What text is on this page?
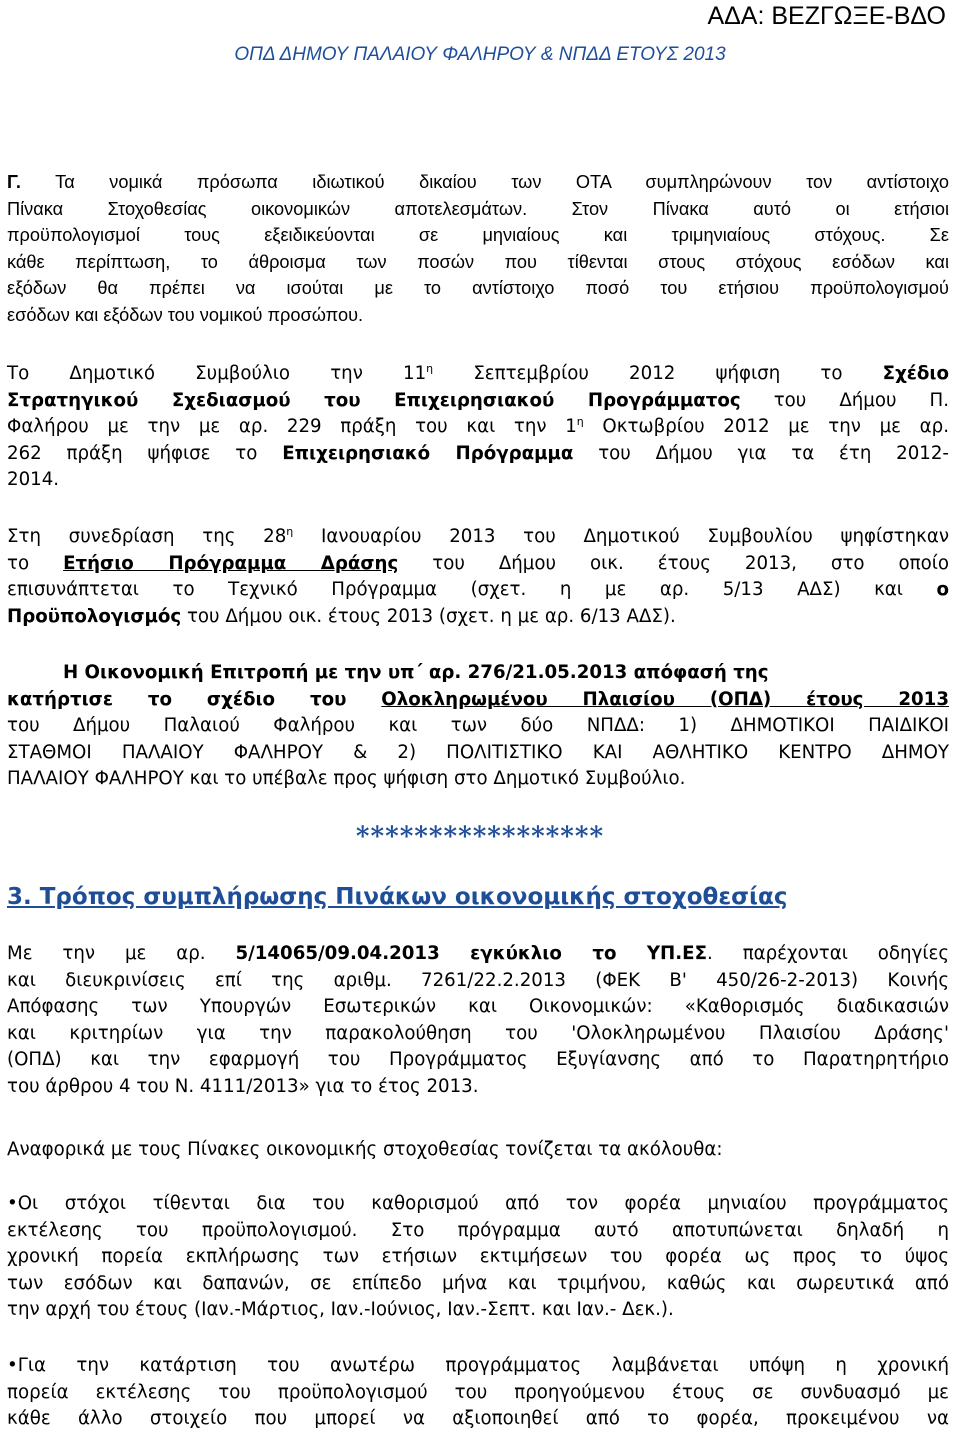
ΑΔΑ: ΒΕΖΓΩΞΕ-ΒΔΟ
ΟΠΔ ΔΗΜΟΥ ΠΑΛΑΙΟΥ ΦΑΛΗΡΟΥ & ΝΠΔΔ ΕΤΟΥΣ 2013
Γ. Τα νομικά πρόσωπα ιδιωτικού δικαίου των ΟΤΑ συμπληρώνουν τον αντίστοιχο
Πίνακα Στοχοθεσίας οικονομικών αποτελεσμάτων. Στον Πίνακα αυτό οι ετήσιοι
προϋπολογισμοί τους εξειδικεύονται σε μηνιαίους και τριμηνιαίους στόχους. Σε
κάθε περίπτωση, το άθροισμα των ποσών που τίθενται στους στόχους εσόδων και
εξόδων θα πρέπει να ισούται με το αντίστοιχο ποσό του ετήσιου προϋπολογισμού
εσόδων και εξόδων του νομικού προσώπου.
Το Δημοτικό Συμβούλιο την $11^\eta$ Σεπτεμβρίου 2012 ψήφιση το Σχέδιο
Στρατηγικού Σχεδιασμού του Επιχειρησιακού Προγράμματος του Δήμου Π.
Φαλήρου με την με αρ. 229 πράξη του και την $1^\eta$ Οκτωβρίου 2012 με την με αρ.
262 πράξη ψήφισε το Επιχειρησιακό Πρόγραμμα του Δήμου για τα έτη 2012-
2014.
Στη συνεδρίαση της $28^\eta$ Ιανουαρίου 2013 του Δημοτικού Συμβουλίου ψηφίστηκαν
το Ετήσιο Πρόγραμμα Δράσης του Δήμου οικ. έτους 2013, στο οποίο
επισυνάπτεται το Τεχνικό Πρόγραμμα (σχετ. η με αρ. 5/13 ΑΔΣ) και ο
Προϋπολογισμός του Δήμου οικ. έτους 2013 (σχετ. η με αρ. 6/13 ΑΔΣ).
Η Οικονομική Επιτροπή με την υπ΄ αρ. 276/21.05.2013 απόφασή της
κατήρτισε το σχέδιο του Ολοκληρωμένου Πλαισίου (ΟΠΔ) έτους 2013
του Δήμου Παλαιού Φαλήρου και των δύο ΝΠΔΔ: 1) ΔΗΜΟΤΙΚΟΙ ΠΑΙΔΙΚΟΙ
ΣΤΑΘΜΟΙ ΠΑΛΑΙΟΥ ΦΑΛΗΡΟΥ & 2) ΠΟΛΙΤΙΣΤΙΚΟ ΚΑΙ ΑΘΛΗΤΙΚΟ ΚΕΝΤΡΟ ΔΗΜΟΥ
ΠΑΛΑΙΟΥ ΦΑΛΗΡΟΥ και το υπέβαλε προς ψήφιση στο Δημοτικό Συμβούλιο.
*****************
3. Τρόπος συμπλήρωσης Πινάκων οικονομικής στοχοθεσίας
Με την με αρ. 5/14065/09.04.2013 εγκύκλιο το ΥΠ.ΕΣ. παρέχονται οδηγίες
και διευκρινίσεις επί της αριθμ. 7261/22.2.2013 (ΦΕΚ Β' 450/26-2-2013) Κοινής
Απόφασης των Υπουργών Εσωτερικών και Οικονομικών: «Καθορισμός διαδικασιών
και κριτηρίων για την παρακολούθηση του 'Ολοκληρωμένου Πλαισίου Δράσης'
(ΟΠΔ) και την εφαρμογή του Προγράμματος Εξυγίανσης από το Παρατηρητήριο
του άρθρου 4 του Ν. 4111/2013» για το έτος 2013.
Αναφορικά με τους Πίνακες οικονομικής στοχοθεσίας τονίζεται τα ακόλουθα:
•Οι στόχοι τίθενται δια του καθορισμού από τον φορέα μηνιαίου προγράμματος
εκτέλεσης του προϋπολογισμού. Στο πρόγραμμα αυτό αποτυπώνεται δηλαδή η
χρονική πορεία εκπλήρωσης των ετήσιων εκτιμήσεων του φορέα ως προς το ύψος
των εσόδων και δαπανών, σε επίπεδο μήνα και τριμήνου, καθώς και σωρευτικά από
την αρχή του έτους (Ιαν.-Μάρτιος, Ιαν.-Ιούνιος, Ιαν.-Σεπτ. και Ιαν.- Δεκ.).
•Για την κατάρτιση του ανωτέρω προγράμματος λαμβάνεται υπόψη η χρονική
πορεία εκτέλεσης του προϋπολογισμού του προηγούμενου έτους σε συνδυασμό με
κάθε άλλο στοιχείο που μπορεί να αξιοποιηθεί από το φορέα, προκειμένου να
